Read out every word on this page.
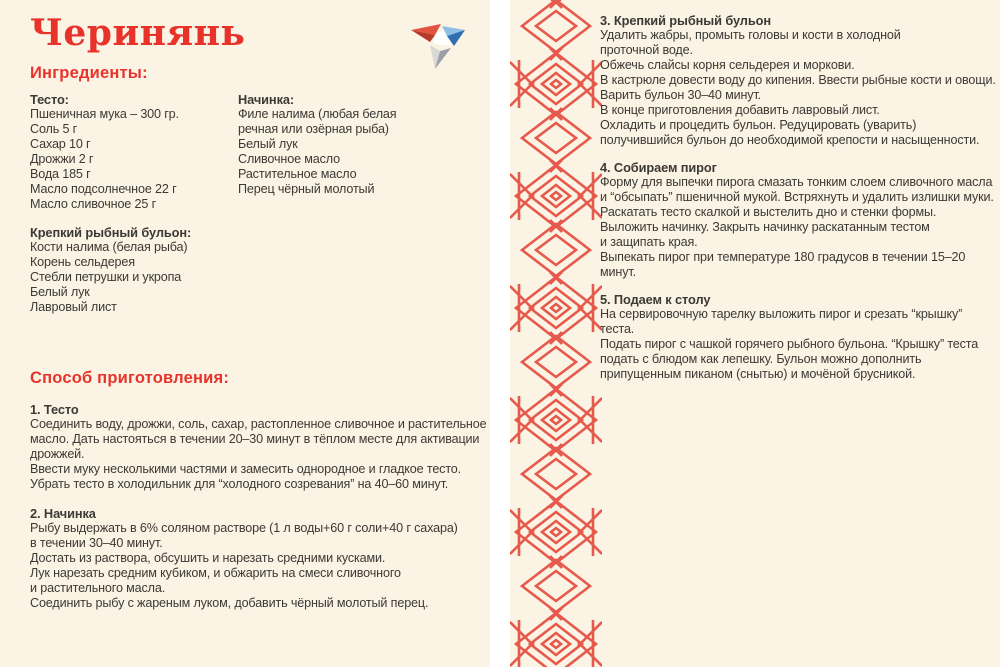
Черинянь
Ингредиенты:
Тесто:
Пшеничная мука – 300 гр.
Соль 5 г
Сахар 10 г
Дрожжи 2 г
Вода 185 г
Масло подсолнечное 22 г
Масло сливочное 25 г
Крепкий рыбный бульон:
Кости налима (белая рыба)
Корень сельдерея
Стебли петрушки и укропа
Белый лук
Лавровый лист
Начинка:
Филе налима (любая белая
речная или озёрная рыба)
Белый лук
Сливочное масло
Растительное масло
Перец чёрный молотый
Способ приготовления:
1. Тесто
Соединить воду, дрожжи, соль, сахар, растопленное сливочное и растительное
масло. Дать настояться в течении 20–30 минут в тёплом месте для активации
дрожжей.
Ввести муку несколькими частями и замесить однородное и гладкое тесто.
Убрать тесто в холодильник для “холодного созревания” на 40–60 минут.
2. Начинка
Рыбу выдержать в 6% соляном растворе (1 л воды+60 г соли+40 г сахара)
в течении 30–40 минут.
Достать из раствора, обсушить и нарезать средними кусками.
Лук нарезать средним кубиком, и обжарить на смеси сливочного
и растительного масла.
Соединить рыбу с жареным луком, добавить чёрный молотый перец.
3. Крепкий рыбный бульон
Удалить жабры, промыть головы и кости в холодной
проточной воде.
Обжечь слайсы корня сельдерея и моркови.
В кастрюле довести воду до кипения. Ввести рыбные кости и овощи.
Варить бульон 30–40 минут.
В конце приготовления добавить лавровый лист.
Охладить и процедить бульон. Редуцировать (уварить)
получившийся бульон до необходимой крепости и насыщенности.
4. Собираем пирог
Форму для выпечки пирога смазать тонким слоем сливочного масла
и “обсыпать” пшеничной мукой. Встряхнуть и удалить излишки муки.
Раскатать тесто скалкой и выстелить дно и стенки формы.
Выложить начинку. Закрыть начинку раскатанным тестом
и защипать края.
Выпекать пирог при температуре 180 градусов в течении 15–20
минут.
5. Подаем к столу
На сервировочную тарелку выложить пирог и срезать “крышку”
теста.
Подать пирог с чашкой горячего рыбного бульона. “Крышку” теста
подать с блюдом как лепешку. Бульон можно дополнить
припущенным пиканом (снытью) и мочёной брусникой.
